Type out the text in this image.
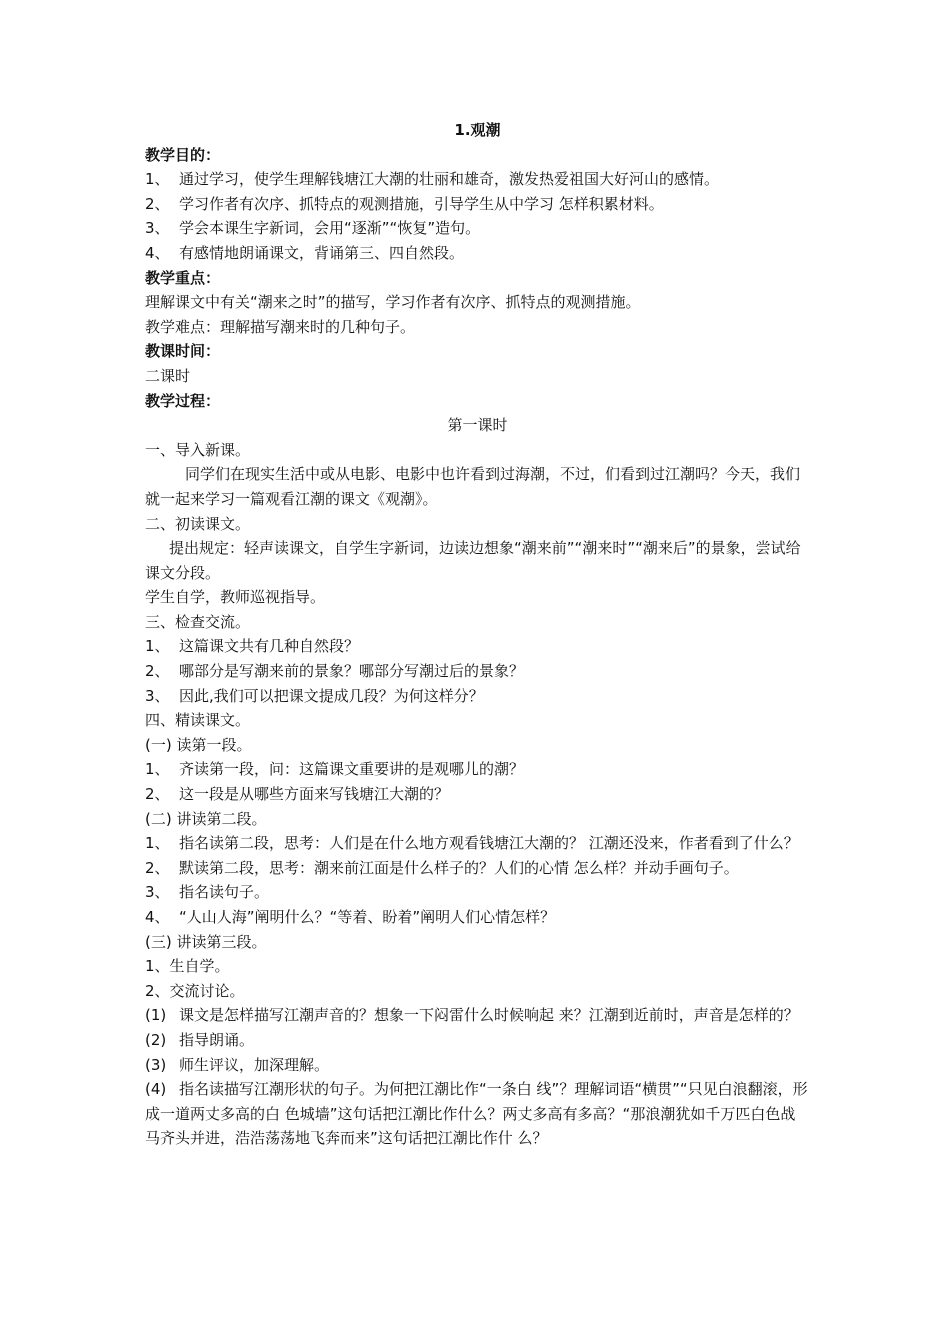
1.观潮
教学目的：
1、 通过学习，使学生理解钱塘江大潮的壮丽和雄奇，激发热爱祖国大好河山的感情。
2、 学习作者有次序、抓特点的观测措施，引导学生从中学习 怎样积累材料。
3、 学会本课生字新词，会用“逐渐”“恢复”造句。
4、 有感情地朗诵课文，背诵第三、四自然段。
教学重点：
理解课文中有关“潮来之时”的描写，学习作者有次序、抓特点的观测措施。
教学难点：理解描写潮来时的几种句子。
教课时间：
二课时
教学过程：
第一课时
一、导入新课。
同学们在现实生活中或从电影、电影中也许看到过海潮，不过，们看到过江潮吗？今天，我们就一起来学习一篇观看江潮的课文《观潮》。
二、初读课文。
提出规定：轻声读课文，自学生字新词，边读边想象“潮来前”“潮来时”“潮来后”的景象，尝试给课文分段。
学生自学，教师巡视指导。
三、检查交流。
1、 这篇课文共有几种自然段？
2、 哪部分是写潮来前的景象？哪部分写潮过后的景象？
3、 因此,我们可以把课文提成几段？为何这样分？
四、精读课文。
(一) 读第一段。
1、 齐读第一段，问：这篇课文重要讲的是观哪儿的潮？
2、 这一段是从哪些方面来写钱塘江大潮的？
(二) 讲读第二段。
1、 指名读第二段，思考：人们是在什么地方观看钱塘江大潮的？ 江潮还没来，作者看到了什么？
2、 默读第二段，思考：潮来前江面是什么样子的？人们的心情 怎么样？并动手画句子。
3、 指名读句子。
4、 “人山人海”阐明什么？“等着、盼着”阐明人们心情怎样？
(三) 讲读第三段。
1、生自学。
2、交流讨论。
(1) 课文是怎样描写江潮声音的？想象一下闷雷什么时候响起 来？江潮到近前时，声音是怎样的？
(2) 指导朗诵。
(3) 师生评议，加深理解。
(4) 指名读描写江潮形状的句子。为何把江潮比作“一条白 线”？理解词语“横贯”“只见白浪翻滚，形成一道两丈多高的白 色城墙”这句话把江潮比作什么？两丈多高有多高？“那浪潮犹如千万匹白色战马齐头并进，浩浩荡荡地飞奔而来”这句话把江潮比作什 么？
